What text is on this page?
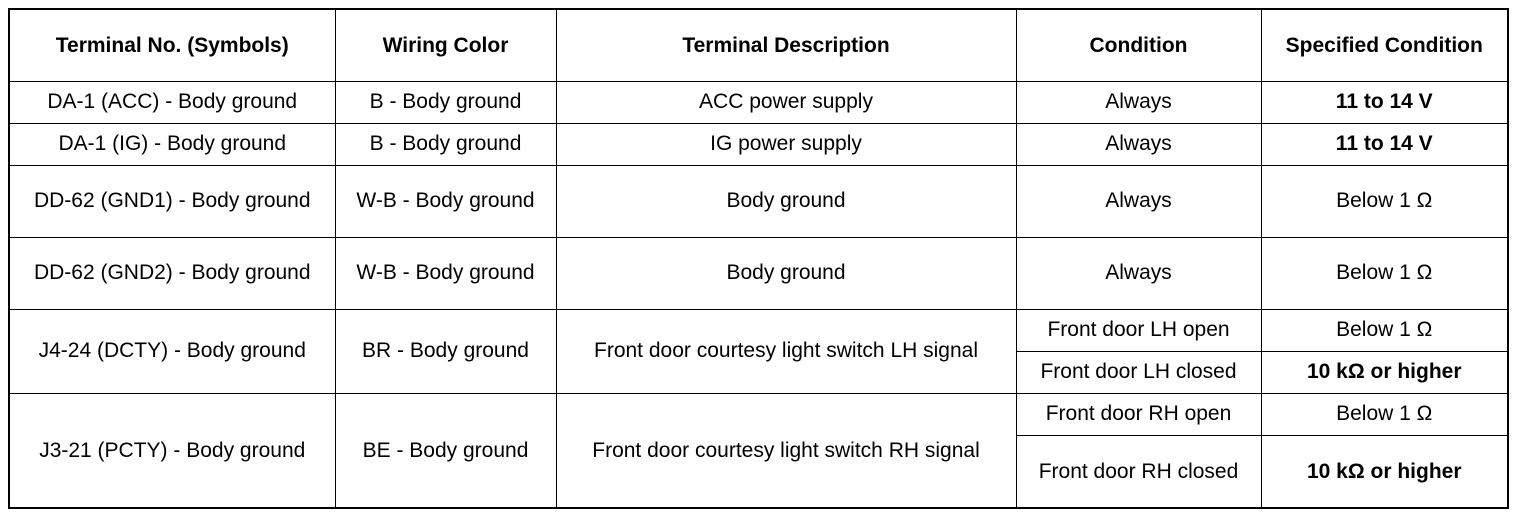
Terminal No. (Symbols)	Wiring Color	Terminal Description	Condition	Specified Condition
DA-1 (ACC) - Body ground	B - Body ground	ACC power supply	Always	11 to 14 V
DA-1 (IG) - Body ground	B - Body ground	IG power supply	Always	11 to 14 V
DD-62 (GND1) - Body ground	W-B - Body ground	Body ground	Always	Below 1 Ω
DD-62 (GND2) - Body ground	W-B - Body ground	Body ground	Always	Below 1 Ω
J4-24 (DCTY) - Body ground	BR - Body ground	Front door courtesy light switch LH signal	Front door LH open	Below 1 Ω
			Front door LH closed	10 kΩ or higher
J3-21 (PCTY) - Body ground	BE - Body ground	Front door courtesy light switch RH signal	Front door RH open	Below 1 Ω
			Front door RH closed	10 kΩ or higher
